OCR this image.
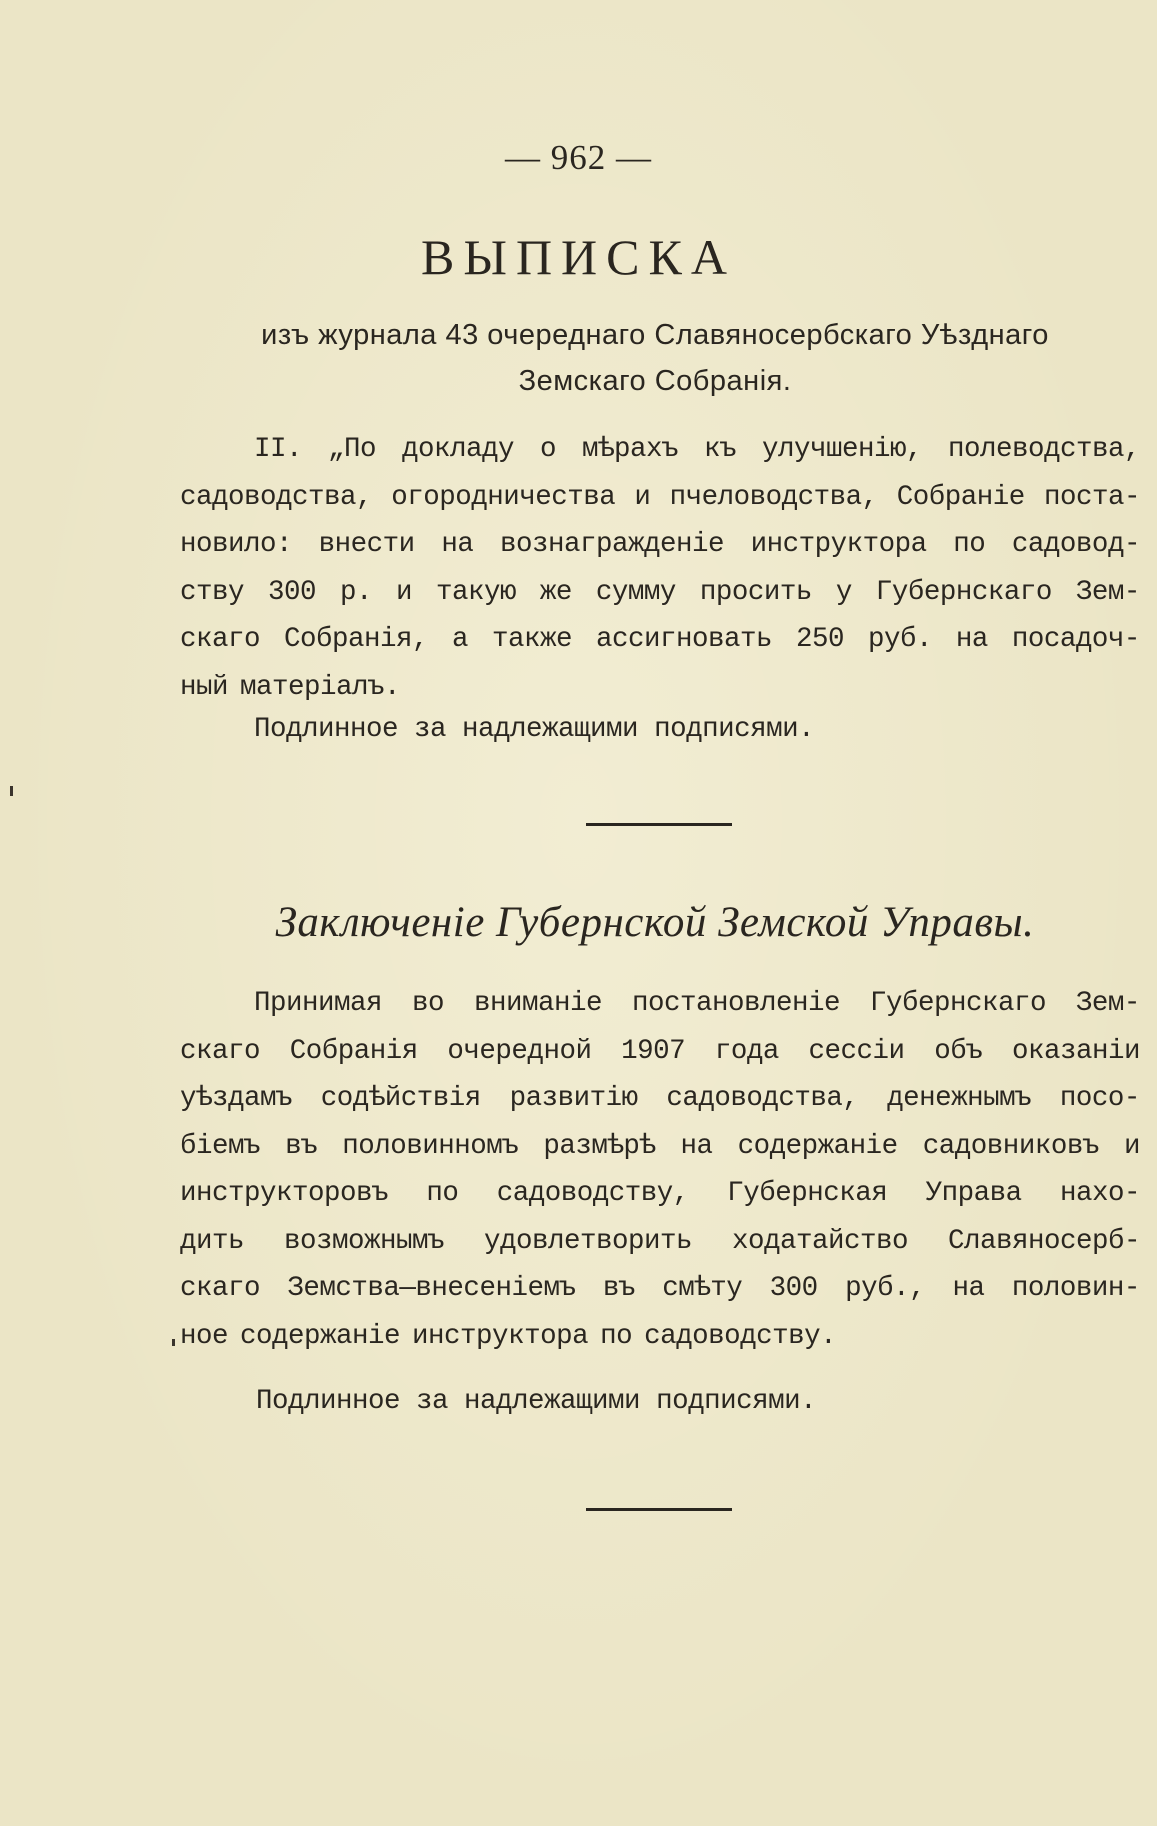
— 962 —
ВЫПИСКА
изъ журнала 43 очереднаго Славяносербскаго Уѣзднаго
Земскаго Собранія.
II. „По докладу о мѣрахъ къ улучшенію, полеводства,
садоводства, огородничества и пчеловодства, Собраніе поста-
новило: внести на вознагражденіе инструктора по садовод-
ству 300 р. и такую же сумму просить у Губернскаго Зем-
скаго Собранія, а также ассигновать 250 руб. на посадоч-
ный матеріалъ.
Подлинное за надлежащими подписями.
Заключеніе Губернской Земской Управы.
Принимая во вниманіе постановленіе Губернскаго Зем-
скаго Собранія очередной 1907 года сессіи объ оказаніи
уѣздамъ содѣйствія развитію садоводства, денежнымъ посо-
біемъ въ половинномъ размѣрѣ на содержаніе садовниковъ и
инструкторовъ по садоводству, Губернская Управа нахо-
дить возможнымъ удовлетворить ходатайство Славяносерб-
скаго Земства—внесеніемъ въ смѣту 300 руб., на половин-
ное содержаніе инструктора по садоводству.
Подлинное за надлежащими подписями.
